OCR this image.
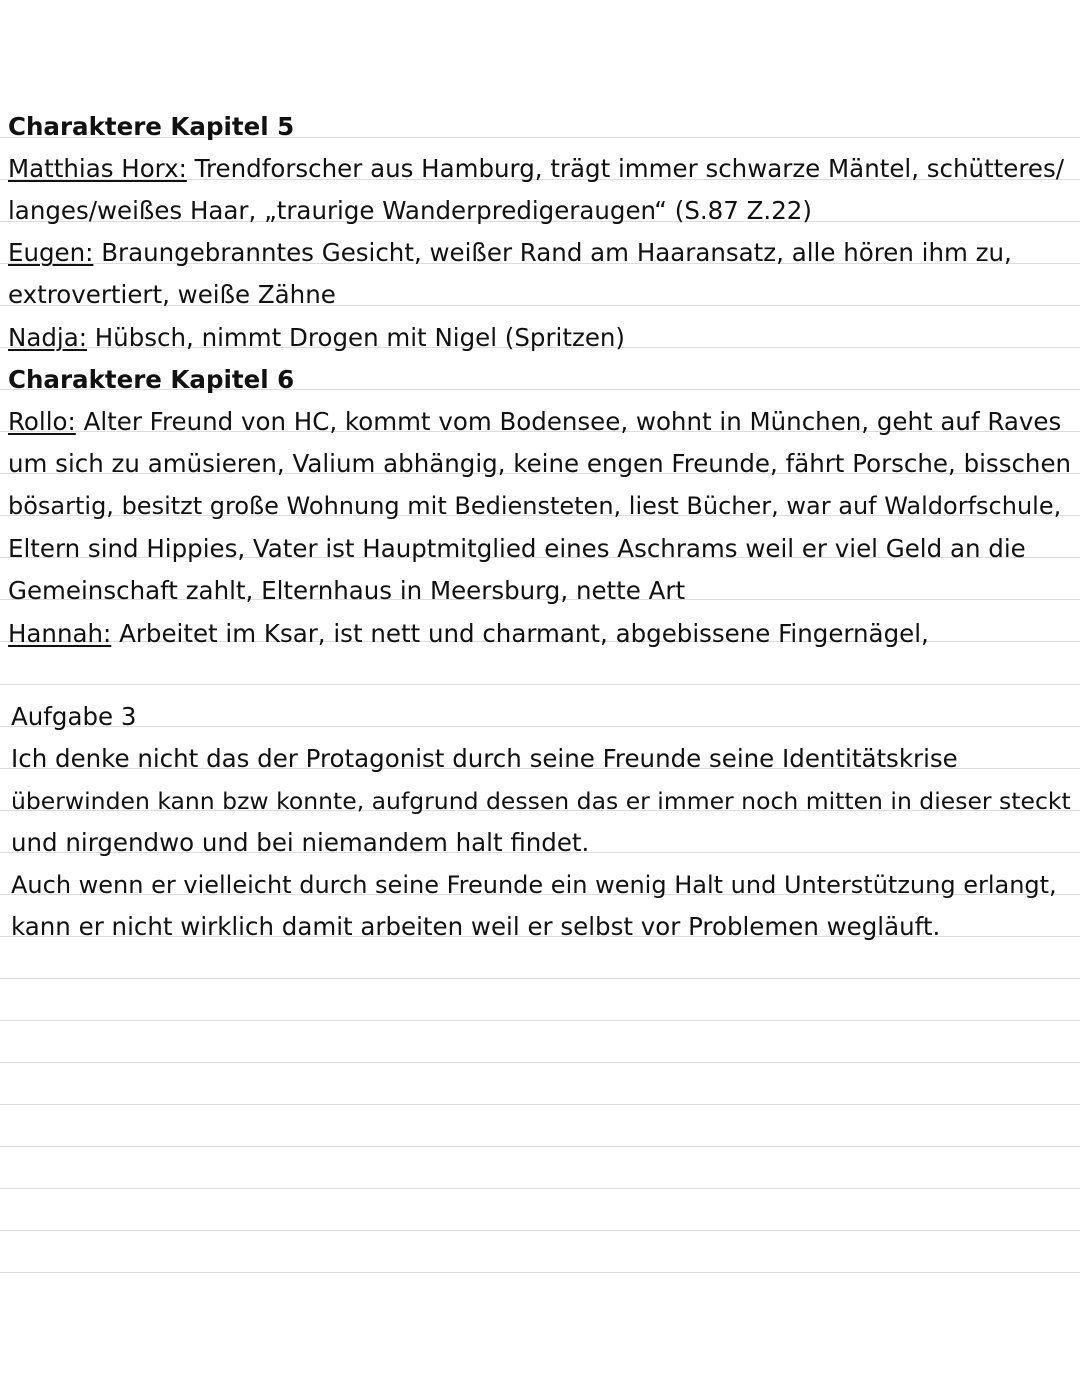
Charaktere Kapitel 5
Matthias Horx: Trendforscher aus Hamburg, trägt immer schwarze Mäntel, schütteres/
langes/weißes Haar, „traurige Wanderpredigeraugen“ (S.87 Z.22)
Eugen: Braungebranntes Gesicht, weißer Rand am Haaransatz, alle hören ihm zu,
extrovertiert, weiße Zähne
Nadja: Hübsch, nimmt Drogen mit Nigel (Spritzen)
Charaktere Kapitel 6
Rollo: Alter Freund von HC, kommt vom Bodensee, wohnt in München, geht auf Raves
um sich zu amüsieren, Valium abhängig, keine engen Freunde, fährt Porsche, bisschen
bösartig, besitzt große Wohnung mit Bediensteten, liest Bücher, war auf Waldorfschule,
Eltern sind Hippies, Vater ist Hauptmitglied eines Aschrams weil er viel Geld an die
Gemeinschaft zahlt, Elternhaus in Meersburg, nette Art
Hannah: Arbeitet im Ksar, ist nett und charmant, abgebissene Fingernägel,
Aufgabe 3
Ich denke nicht das der Protagonist durch seine Freunde seine Identitätskrise
überwinden kann bzw konnte, aufgrund dessen das er immer noch mitten in dieser steckt
und nirgendwo und bei niemandem halt findet.
Auch wenn er vielleicht durch seine Freunde ein wenig Halt und Unterstützung erlangt,
kann er nicht wirklich damit arbeiten weil er selbst vor Problemen wegläuft.
